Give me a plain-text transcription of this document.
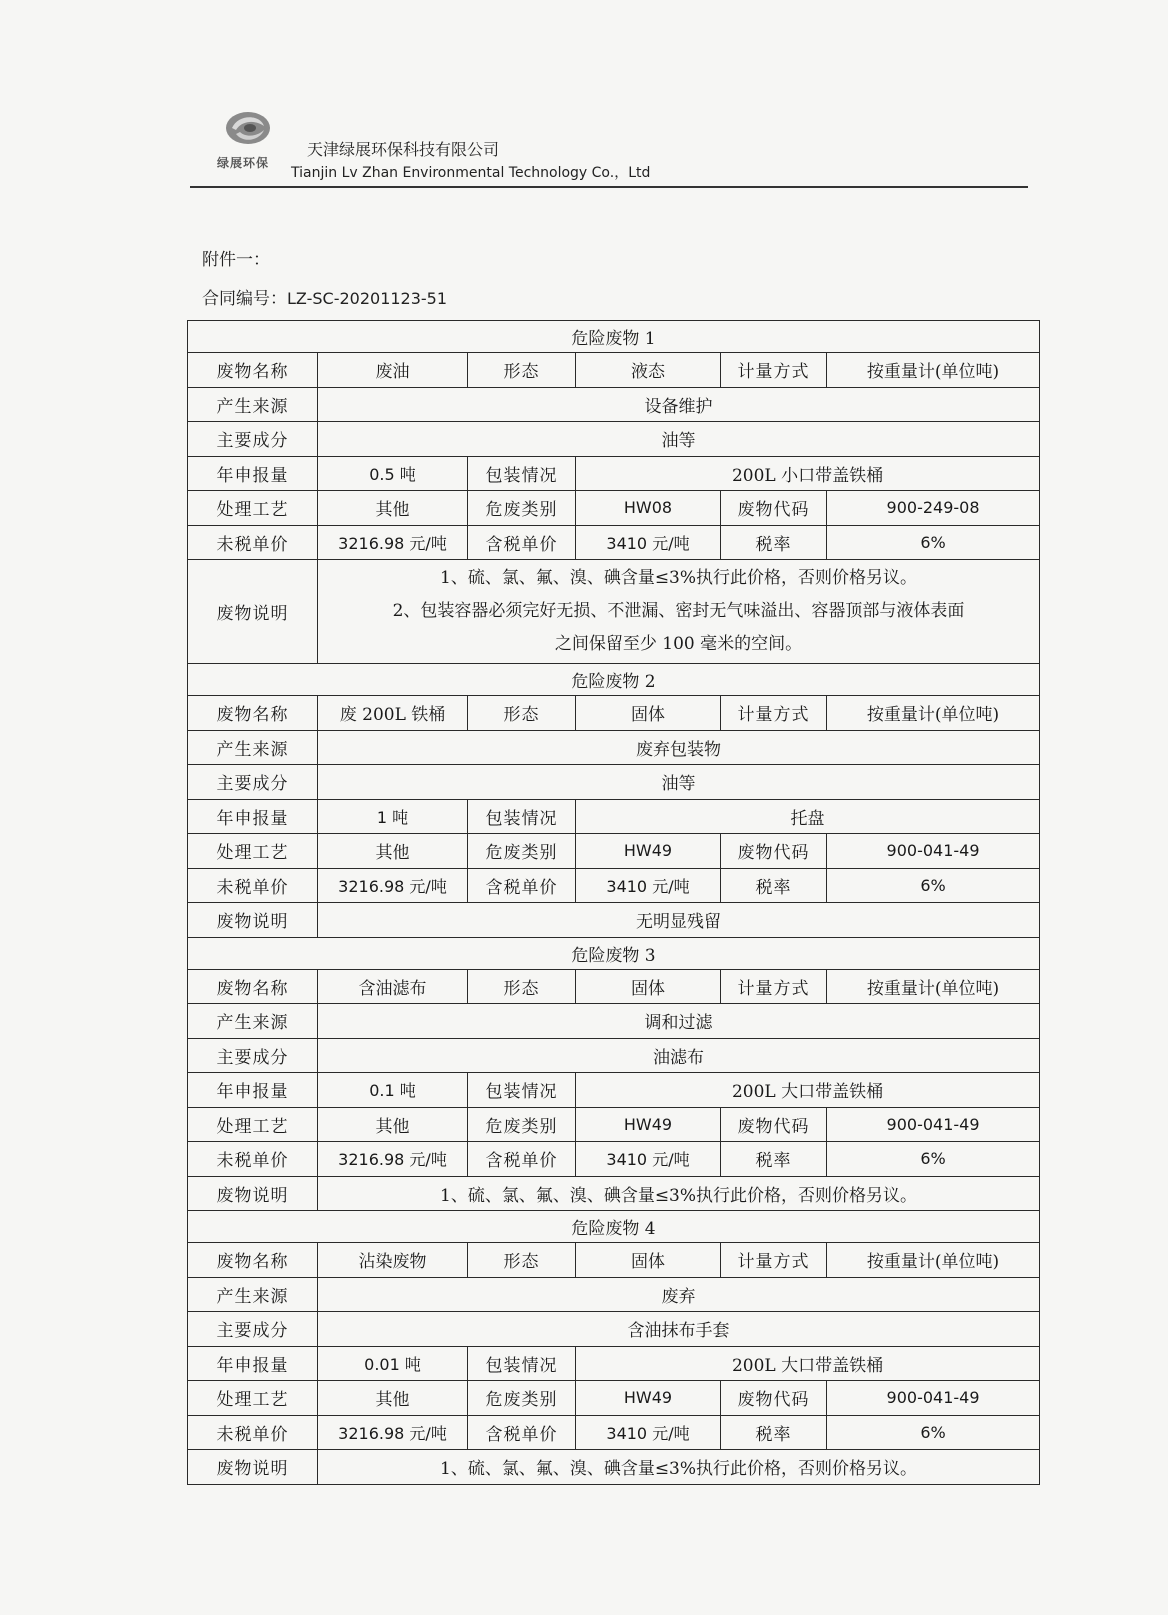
绿展环保
天津绿展环保科技有限公司
Tianjin Lv Zhan Environmental Technology Co.，Ltd
附件一：
合同编号：LZ-SC-20201123-51
危险废物 1					
废物名称	废油	形态	液态	计量方式	按重量计(单位吨)
产生来源	设备维护				
主要成分	油等				
年申报量	0.5 吨	包装情况	200L 小口带盖铁桶		
处理工艺	其他	危废类别	HW08	废物代码	900-249-08
未税单价	3216.98 元/吨	含税单价	3410 元/吨	税率	6%
废物说明	1、硫、氯、氟、溴、碘含量≤3%执行此价格，否则价格另议。
2、包装容器必须完好无损、不泄漏、密封无气味溢出、容器顶部与液体表面
之间保留至少 100 毫米的空间。				

危险废物 2					
废物名称	废 200L 铁桶	形态	固体	计量方式	按重量计(单位吨)
产生来源	废弃包装物				
主要成分	油等				
年申报量	1 吨	包装情况	托盘		
处理工艺	其他	危废类别	HW49	废物代码	900-041-49
未税单价	3216.98 元/吨	含税单价	3410 元/吨	税率	6%
废物说明	无明显残留				

危险废物 3					
废物名称	含油滤布	形态	固体	计量方式	按重量计(单位吨)
产生来源	调和过滤				
主要成分	油滤布				
年申报量	0.1 吨	包装情况	200L 大口带盖铁桶		
处理工艺	其他	危废类别	HW49	废物代码	900-041-49
未税单价	3216.98 元/吨	含税单价	3410 元/吨	税率	6%
废物说明	1、硫、氯、氟、溴、碘含量≤3%执行此价格，否则价格另议。				

危险废物 4					
废物名称	沾染废物	形态	固体	计量方式	按重量计(单位吨)
产生来源	废弃				
主要成分	含油抹布手套				
年申报量	0.01 吨	包装情况	200L 大口带盖铁桶		
处理工艺	其他	危废类别	HW49	废物代码	900-041-49
未税单价	3216.98 元/吨	含税单价	3410 元/吨	税率	6%
废物说明	1、硫、氯、氟、溴、碘含量≤3%执行此价格，否则价格另议。				
